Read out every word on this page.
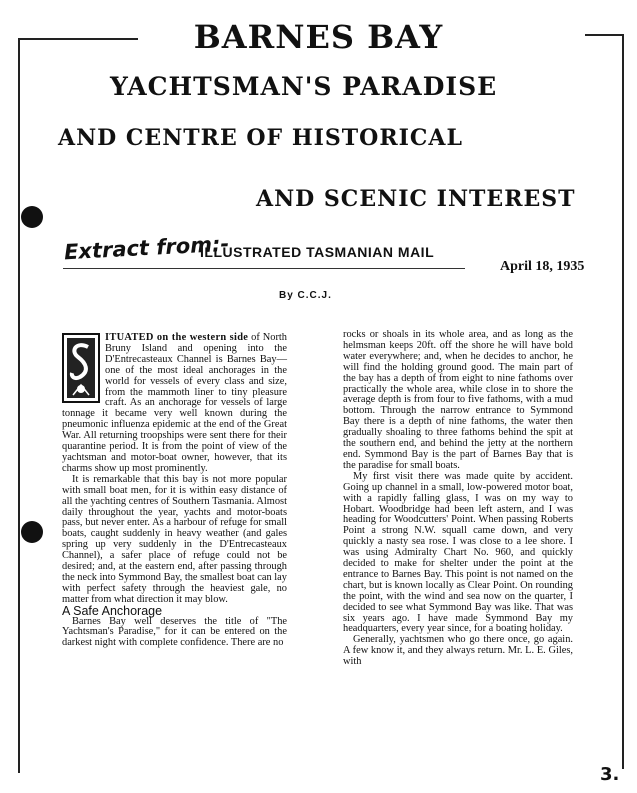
BARNES BAY
YACHTSMAN'S PARADISE
AND CENTRE OF HISTORICAL
AND SCENIC INTEREST
Extract from:-
ILLUSTRATED TASMANIAN MAIL
April 18, 1935
By C.C.J.

ITUATED on the western side of North Bruny Island and opening into the D'Entrecasteaux Channel is Barnes Bay—one of the most ideal anchorages in the world for vessels of every class and size, from the mammoth liner to tiny pleasure craft. As an anchorage for vessels of large tonnage it became very well known during the pneumonic influenza epidemic at the end of the Great War. All returning troopships were sent there for their quarantine period. It is from the point of view of the yachtsman and motor-boat owner, however, that its charms show up most prominently.

It is remarkable that this bay is not more popular with small boat men, for it is within easy distance of all the yachting centres of Southern Tasmania. Almost daily throughout the year, yachts and motor-boats pass, but never enter. As a harbour of refuge for small boats, caught suddenly in heavy weather (and gales spring up very suddenly in the D'Entrecasteaux Channel), a safer place of refuge could not be desired; and, at the eastern end, after passing through the neck into Symmond Bay, the smallest boat can lay with perfect safety through the heaviest gale, no matter from what direction it may blow.

A Safe Anchorage

Barnes Bay well deserves the title of "The Yachtsman's Paradise," for it can be entered on the darkest night with complete confidence. There are no

rocks or shoals in its whole area, and as long as the helmsman keeps 20ft. off the shore he will have bold water everywhere; and, when he decides to anchor, he will find the holding ground good. The main part of the bay has a depth of from eight to nine fathoms over practically the whole area, while close in to shore the average depth is from four to five fathoms, with a mud bottom. Through the narrow entrance to Symmond Bay there is a depth of nine fathoms, the water then gradually shoaling to three fathoms behind the spit at the southern end, and behind the jetty at the northern end. Symmond Bay is the part of Barnes Bay that is the paradise for small boats.

My first visit there was made quite by accident. Going up channel in a small, low-powered motor boat, with a rapidly falling glass, I was on my way to Hobart. Woodbridge had been left astern, and I was heading for Woodcutters' Point. When passing Roberts Point a strong N.W. squall came down, and very quickly a nasty sea rose. I was close to a lee shore. I was using Admiralty Chart No. 960, and quickly decided to make for shelter under the point at the entrance to Barnes Bay. This point is not named on the chart, but is known locally as Clear Point. On rounding the point, with the wind and sea now on the quarter, I decided to see what Symmond Bay was like. That was six years ago. I have made Symmond Bay my headquarters, every year since, for a boating holiday.

Generally, yachtsmen who go there once, go again. A few know it, and they always return. Mr. L. E. Giles, with

3.
